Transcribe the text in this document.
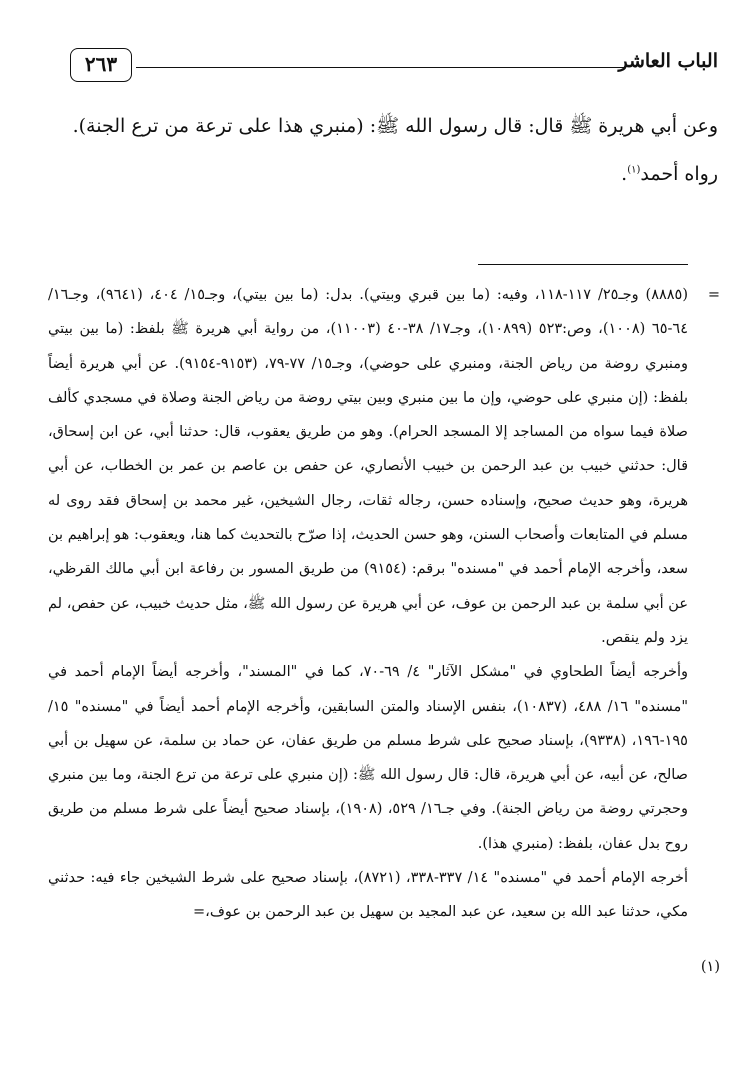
الباب العاشر
٢٦٣

وعن أبي هريرة ﷺ قال: قال رسول الله ﷺ: (منبري هذا على ترعة من ترع الجنة).

رواه أحمد$^{(١)}$.

=
(١)

(٨٨٨٥) وجـ٢٥/ ١١٧-١١٨، وفيه: (ما بين قبري وبيتي). بدل: (ما بين بيتي)، وجـ١٥/ ٤٠٤، (٩٦٤١)، وجـ١٦/ ٦٤-٦٥ (١٠٠٨)، وص:٥٢٣ (١٠٨٩٩)، وجـ١٧/ ٣٨-٤٠ (١١٠٠٣)، من رواية أبي هريرة ﷺ بلفظ: (ما بين بيتي ومنبري روضة من رياض الجنة، ومنبري على حوضي)، وجـ١٥/ ٧٧-٧٩، (٩١٥٣-٩١٥٤). عن أبي هريرة أيضاً بلفظ: (إن منبري على حوضي، وإن ما بين منبري وبين بيتي روضة من رياض الجنة وصلاة في مسجدي كألف صلاة فيما سواه من المساجد إلا المسجد الحرام). وهو من طريق يعقوب، قال: حدثنا أبي، عن ابن إسحاق، قال: حدثني خبيب بن عبد الرحمن بن خبيب الأنصاري، عن حفص بن عاصم بن عمر بن الخطاب، عن أبي هريرة، وهو حديث صحيح، وإسناده حسن، رجاله ثقات، رجال الشيخين، غير محمد بن إسحاق فقد روى له مسلم في المتابعات وأصحاب السنن، وهو حسن الحديث، إذا صرّح بالتحديث كما هنا، ويعقوب: هو إبراهيم بن سعد، وأخرجه الإمام أحمد في "مسنده" برقم: (٩١٥٤) من طريق المسور بن رفاعة ابن أبي مالك القرظي، عن أبي سلمة بن عبد الرحمن بن عوف، عن أبي هريرة عن رسول الله ﷺ، مثل حديث خبيب، عن حفص، لم يزد ولم ينقص.

وأخرجه أيضاً الطحاوي في "مشكل الآثار" ٤/ ٦٩-٧٠، كما في "المسند"، وأخرجه أيضاً الإمام أحمد في "مسنده" ١٦/ ٤٨٨، (١٠٨٣٧)، بنفس الإسناد والمتن السابقين، وأخرجه الإمام أحمد أيضاً في "مسنده" ١٥/ ١٩٥-١٩٦، (٩٣٣٨)، بإسناد صحيح على شرط مسلم من طريق عفان، عن حماد بن سلمة، عن سهيل بن أبي صالح، عن أبيه، عن أبي هريرة، قال: قال رسول الله ﷺ: (إن منبري على ترعة من ترع الجنة، وما بين منبري وحجرتي روضة من رياض الجنة). وفي جـ١٦/ ٥٢٩، (١٩٠٨)، بإسناد صحيح أيضاً على شرط مسلم من طريق روح بدل عفان، بلفظ: (منبري هذا).

أخرجه الإمام أحمد في "مسنده" ١٤/ ٣٣٧-٣٣٨، (٨٧٢١)، بإسناد صحيح على شرط الشيخين جاء فيه: حدثني مكي، حدثنا عبد الله بن سعيد، عن عبد المجيد بن سهيل بن عبد الرحمن بن عوف،=
